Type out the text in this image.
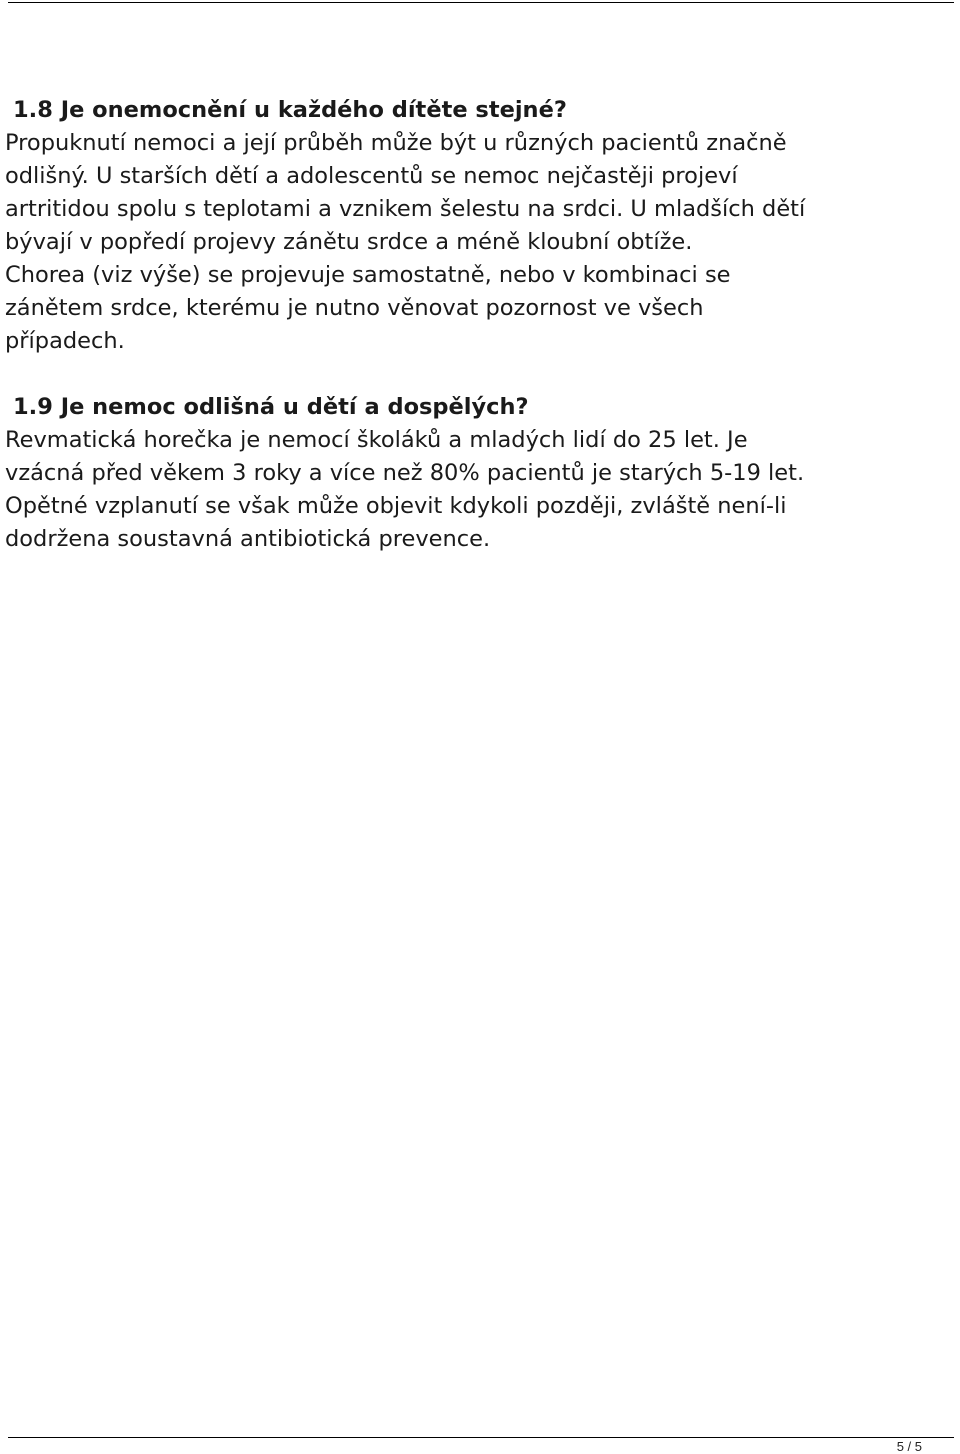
1.8 Je onemocnění u každého dítěte stejné?

Propuknutí nemoci a její průběh může být u různých pacientů značně
odlišný. U starších dětí a adolescentů se nemoc nejčastěji projeví
artritidou spolu s teplotami a vznikem šelestu na srdci. U mladších dětí
bývají v popředí projevy zánětu srdce a méně kloubní obtíže.
Chorea (viz výše) se projevuje samostatně, nebo v kombinaci se
zánětem srdce, kterému je nutno věnovat pozornost ve všech
případech.

1.9 Je nemoc odlišná u dětí a dospělých?

Revmatická horečka je nemocí školáků a mladých lidí do 25 let. Je
vzácná před věkem 3 roky a více než 80% pacientů je starých 5-19 let.
Opětné vzplanutí se však může objevit kdykoli později, zvláště není-li
dodržena soustavná antibiotická prevence.

5 / 5
